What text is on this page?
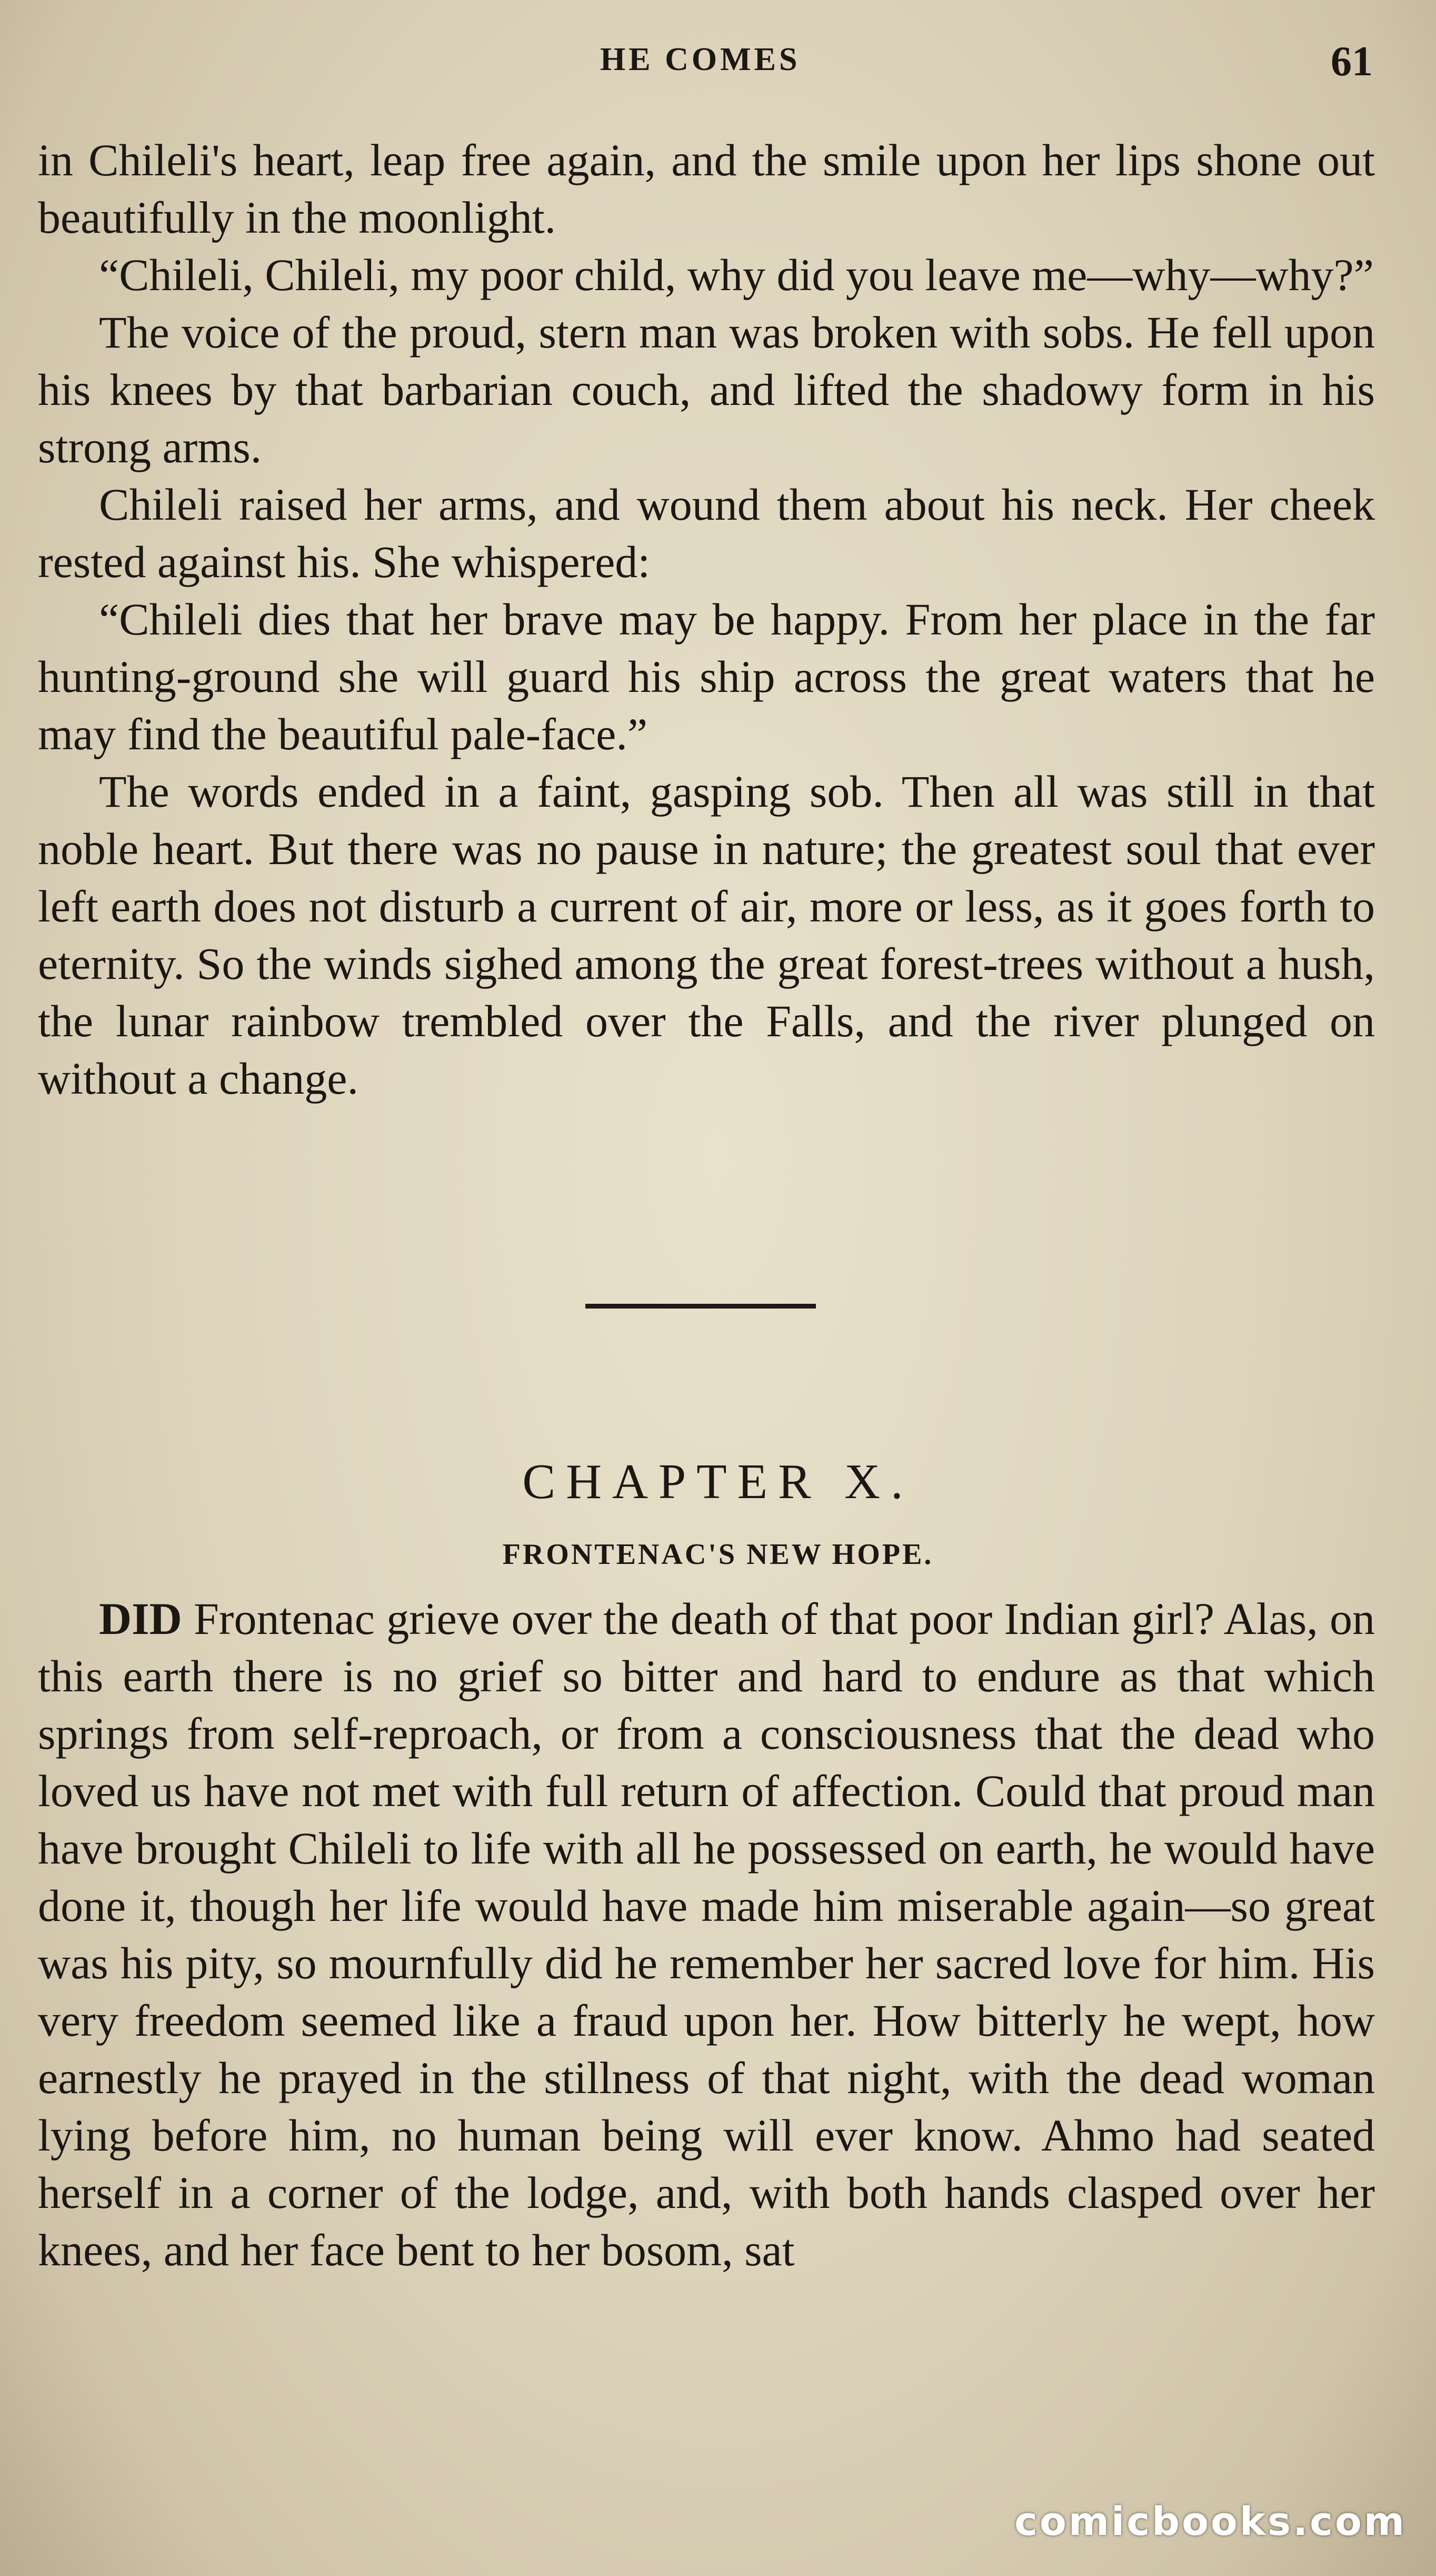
HE COMES	61

in Chileli's heart, leap free again, and the smile upon her lips shone out beautifully in the moonlight.

“Chileli, Chileli, my poor child, why did you leave me—why—why?”

The voice of the proud, stern man was broken with sobs. He fell upon his knees by that barbarian couch, and lifted the shadowy form in his strong arms.

Chileli raised her arms, and wound them about his neck. Her cheek rested against his. She whispered:

“Chileli dies that her brave may be happy. From her place in the far hunting-ground she will guard his ship across the great waters that he may find the beautiful pale-face.”

The words ended in a faint, gasping sob. Then all was still in that noble heart. But there was no pause in nature; the greatest soul that ever left earth does not disturb a current of air, more or less, as it goes forth to eternity. So the winds sighed among the great forest-trees without a hush, the lunar rainbow trembled over the Falls, and the river plunged on without a change.

CHAPTER X.
FRONTENAC'S NEW HOPE.

DID Frontenac grieve over the death of that poor Indian girl? Alas, on this earth there is no grief so bitter and hard to endure as that which springs from self-reproach, or from a consciousness that the dead who loved us have not met with full return of affection. Could that proud man have brought Chileli to life with all he possessed on earth, he would have done it, though her life would have made him miserable again—so great was his pity, so mournfully did he remember her sacred love for him. His very freedom seemed like a fraud upon her. How bitterly he wept, how earnestly he prayed in the stillness of that night, with the dead woman lying before him, no human being will ever know. Ahmo had seated herself in a corner of the lodge, and, with both hands clasped over her knees, and her face bent to her bosom, sat

comicbooks.com
